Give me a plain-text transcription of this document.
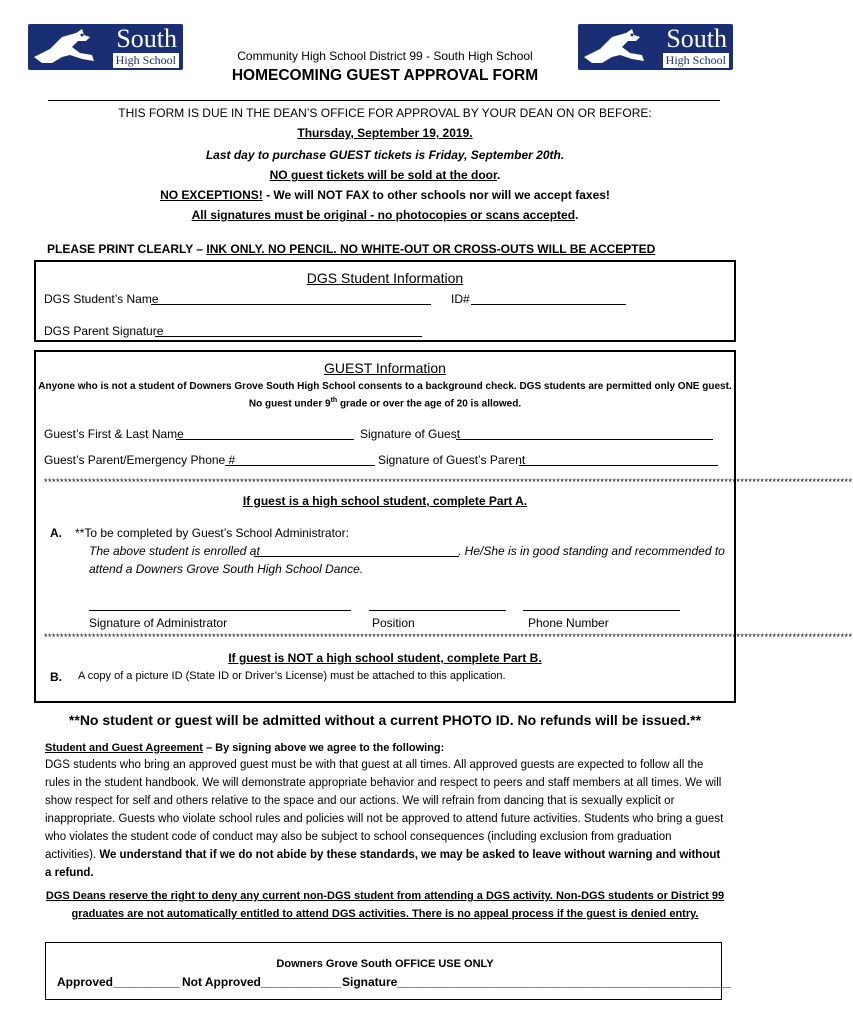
South
High School
South
High School
Community High School District 99 - South High School
HOMECOMING GUEST APPROVAL FORM
THIS FORM IS DUE IN THE DEAN’S OFFICE FOR APPROVAL BY YOUR DEAN ON OR BEFORE:
Thursday, September 19, 2019.
Last day to purchase GUEST tickets is Friday, September 20th.
NO guest tickets will be sold at the door.
NO EXCEPTIONS! - We will NOT FAX to other schools nor will we accept faxes!
All signatures must be original - no photocopies or scans accepted.
PLEASE PRINT CLEARLY – INK ONLY. NO PENCIL. NO WHITE-OUT OR CROSS-OUTS WILL BE ACCEPTED
DGS Student Information
DGS Student’s Name	ID#
DGS Parent Signature
GUEST Information
Anyone who is not a student of Downers Grove South High School consents to a background check. DGS students are permitted only ONE guest.
No guest under 9th grade or over the age of 20 is allowed.
Guest’s First & Last Name	Signature of Guest
Guest’s Parent/Emergency Phone #	Signature of Guest’s Parent
**********************************************************************************************************************************************************************************************************
If guest is a high school student, complete Part A.
A. **To be completed by Guest’s School Administrator:
The above student is enrolled at	. He/She is in good standing and recommended to
attend a Downers Grove South High School Dance.
Signature of Administrator	Position	Phone Number
**********************************************************************************************************************************************************************************************************
If guest is NOT a high school student, complete Part B.
B. A copy of a picture ID (State ID or Driver’s License) must be attached to this application.
**No student or guest will be admitted without a current PHOTO ID. No refunds will be issued.**
Student and Guest Agreement – By signing above we agree to the following:
DGS students who bring an approved guest must be with that guest at all times. All approved guests are expected to follow all the rules in the student handbook. We will demonstrate appropriate behavior and respect to peers and staff members at all times. We will show respect for self and others relative to the space and our actions. We will refrain from dancing that is sexually explicit or inappropriate. Guests who violate school rules and policies will not be approved to attend future activities. Students who bring a guest who violates the student code of conduct may also be subject to school consequences (including exclusion from graduation activities). We understand that if we do not abide by these standards, we may be asked to leave without warning and without a refund.
DGS Deans reserve the right to deny any current non-DGS student from attending a DGS activity. Non-DGS students or District 99
graduates are not automatically entitled to attend DGS activities. There is no appeal process if the guest is denied entry.
Downers Grove South OFFICE USE ONLY
Approved__________ Not Approved____________ Signature__________________________________________________
